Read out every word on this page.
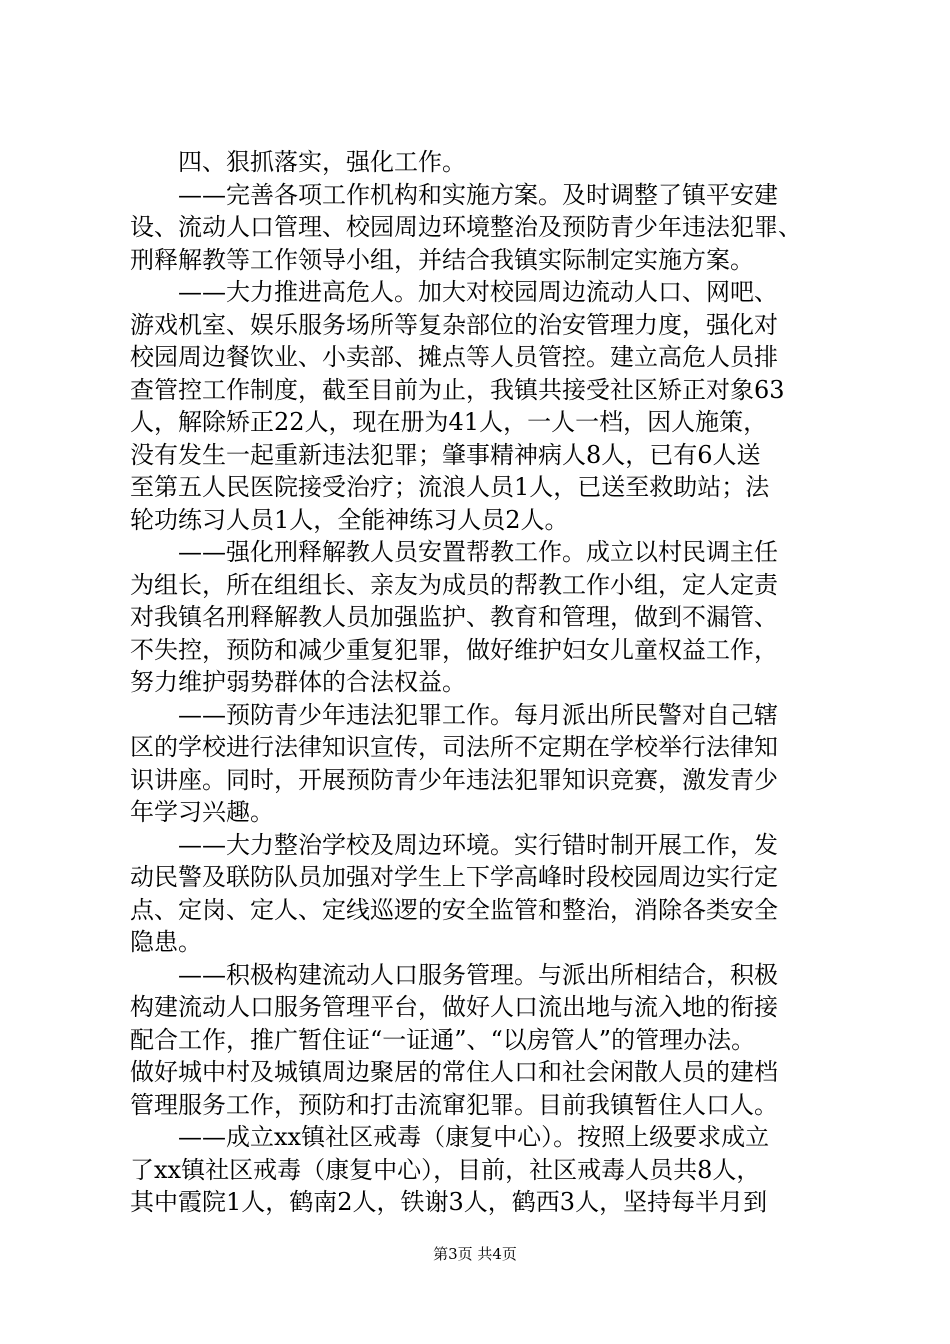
四、狠抓落实，强化工作。
——完善各项工作机构和实施方案。及时调整了镇平安建
设、流动人口管理、校园周边环境整治及预防青少年违法犯罪、
刑释解教等工作领导小组，并结合我镇实际制定实施方案。
——大力推进高危人。加大对校园周边流动人口、网吧、
游戏机室、娱乐服务场所等复杂部位的治安管理力度，强化对
校园周边餐饮业、小卖部、摊点等人员管控。建立高危人员排
查管控工作制度，截至目前为止，我镇共接受社区矫正对象63
人，解除矫正22人，现在册为41人，一人一档，因人施策，
没有发生一起重新违法犯罪；肇事精神病人8人，已有6人送
至第五人民医院接受治疗；流浪人员1人，已送至救助站；法
轮功练习人员1人，全能神练习人员2人。
——强化刑释解教人员安置帮教工作。成立以村民调主任
为组长，所在组组长、亲友为成员的帮教工作小组，定人定责
对我镇名刑释解教人员加强监护、教育和管理，做到不漏管、
不失控，预防和减少重复犯罪，做好维护妇女儿童权益工作，
努力维护弱势群体的合法权益。
——预防青少年违法犯罪工作。每月派出所民警对自己辖
区的学校进行法律知识宣传，司法所不定期在学校举行法律知
识讲座。同时，开展预防青少年违法犯罪知识竞赛，激发青少
年学习兴趣。
——大力整治学校及周边环境。实行错时制开展工作，发
动民警及联防队员加强对学生上下学高峰时段校园周边实行定
点、定岗、定人、定线巡逻的安全监管和整治，消除各类安全
隐患。
——积极构建流动人口服务管理。与派出所相结合，积极
构建流动人口服务管理平台，做好人口流出地与流入地的衔接
配合工作，推广暂住证“一证通”、“以房管人”的管理办法。
做好城中村及城镇周边聚居的常住人口和社会闲散人员的建档
管理服务工作，预防和打击流窜犯罪。目前我镇暂住人口人。
——成立xx镇社区戒毒（康复中心）。按照上级要求成立
了xx镇社区戒毒（康复中心），目前，社区戒毒人员共8人，
其中霞院1人，鹤南2人，铁谢3人，鹤西3人，坚持每半月到
第3页 共4页
